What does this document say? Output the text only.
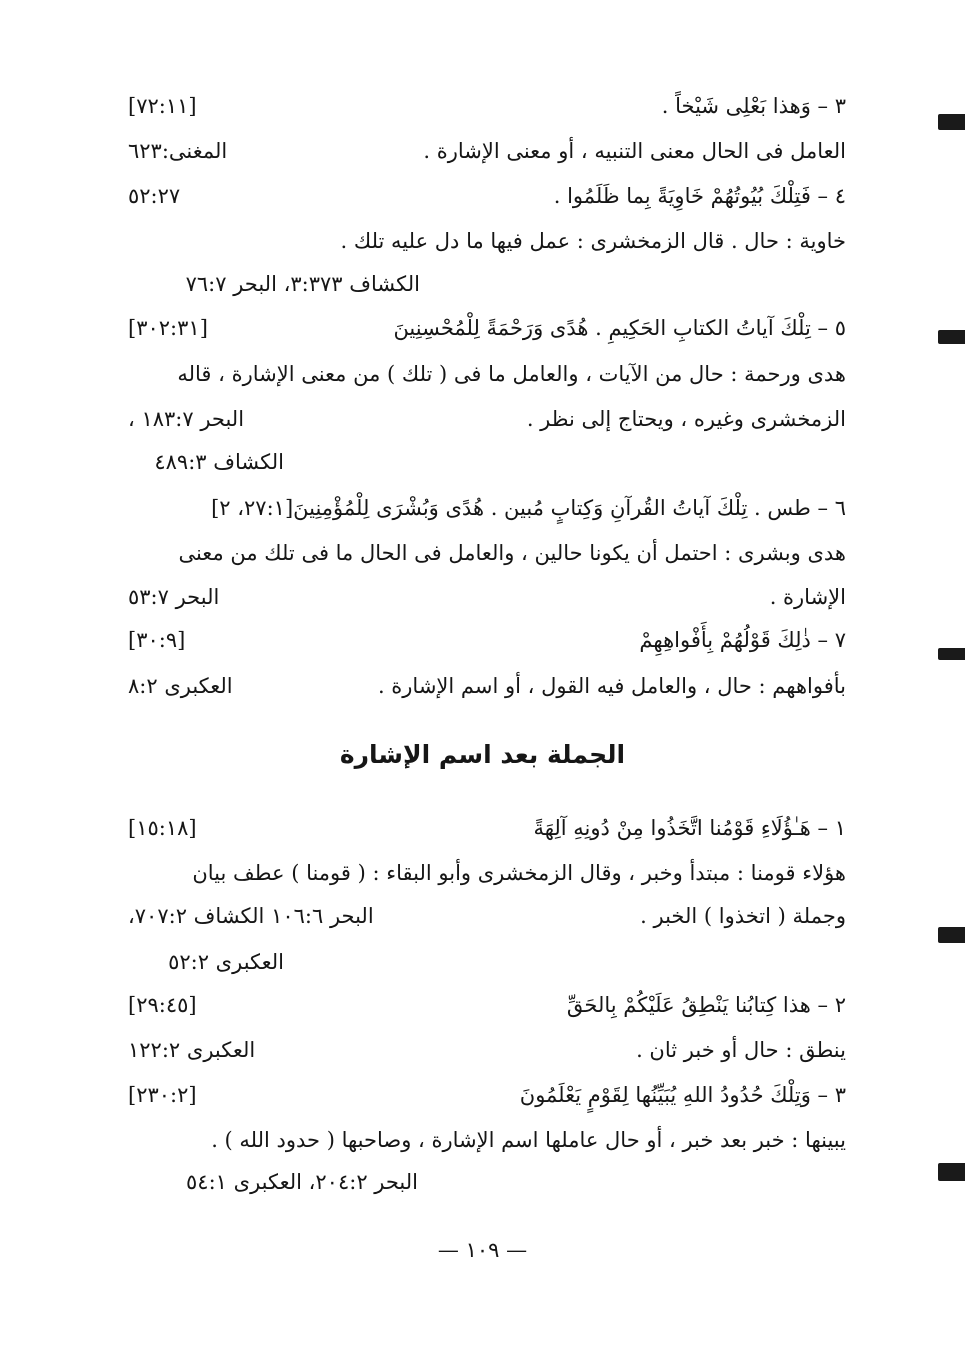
٣ – وَهذا بَعْلِى شَيْخاً .
[٧٢:١١]
العامل فى الحال معنى التنبيه ، أو معنى الإشارة .
المغنى:٦٢٣
٤ – فَتِلْكَ بُيُوتُهُمْ خَاوِيَةً بِما ظَلَمُوا .
٥٢:٢٧
خاوية : حال . قال الزمخشرى : عمل فيها ما دل عليه تلك .
الكشاف ٣:٣٧٣، البحر ٧٦:٧
٥ – تِلْكَ آياتُ الكتابِ الحَكِيمِ . هُدًى وَرَحْمَةً لِلْمُحْسِنِينَ
[٣٠٢:٣١]
هدى ورحمة : حال من الآيات ، والعامل ما فى ( تلك ) من معنى الإشارة ، قاله
الزمخشرى وغيره ، ويحتاج إلى نظر .
البحر ١٨٣:٧ ،
الكشاف ٤٨٩:٣
٦ – طس . تِلْكَ آياتُ القُرآنِ وَكِتابٍ مُبين . هُدًى وَبُشْرَى لِلْمُؤْمِنِينَ[٢٧:١، ٢]
هدى وبشرى : احتمل أن يكونا حالين ، والعامل فى الحال ما فى تلك من معنى
الإشارة .
البحر ٥٣:٧
٧ – ذٰلِكَ قَوْلُهُمْ بِأَفْواهِهِمْ
[٣٠:٩]
بأفواههم : حال ، والعامل فيه القول ، أو اسم الإشارة .
العكبرى ٨:٢
الجملة بعد اسم الإشارة
١ – هَـٰؤُلَاءِ قَوْمُنا اتَّخَذُوا مِنْ دُونِهِ آلِهَةً
[١٥:١٨]
هؤلاء قومنا : مبتدأ وخبر ، وقال الزمخشرى وأبو البقاء : ( قومنا ) عطف بيان
وجملة ( اتخذوا ) الخبر .
البحر ١٠٦:٦ الكشاف ٧٠٧:٢،
العكبرى ٥٢:٢
٢ – هذا كِتابُنا يَنْطِقُ عَلَيْكُمْ بِالحَقِّ
[٢٩:٤٥]
ينطق : حال أو خبر ثان .
العكبرى ١٢٢:٢
٣ – وَتِلْكَ حُدُودُ اللهِ يُبَيِّنُها لِقَوْمٍ يَعْلَمُونَ
[٢٣٠:٢]
يبينها : خبر بعد خبر ، أو حال عاملها اسم الإشارة ، وصاحبها ( حدود الله ) .
البحر ٢٠٤:٢، العكبرى ٥٤:١
— ١٠٩ —
